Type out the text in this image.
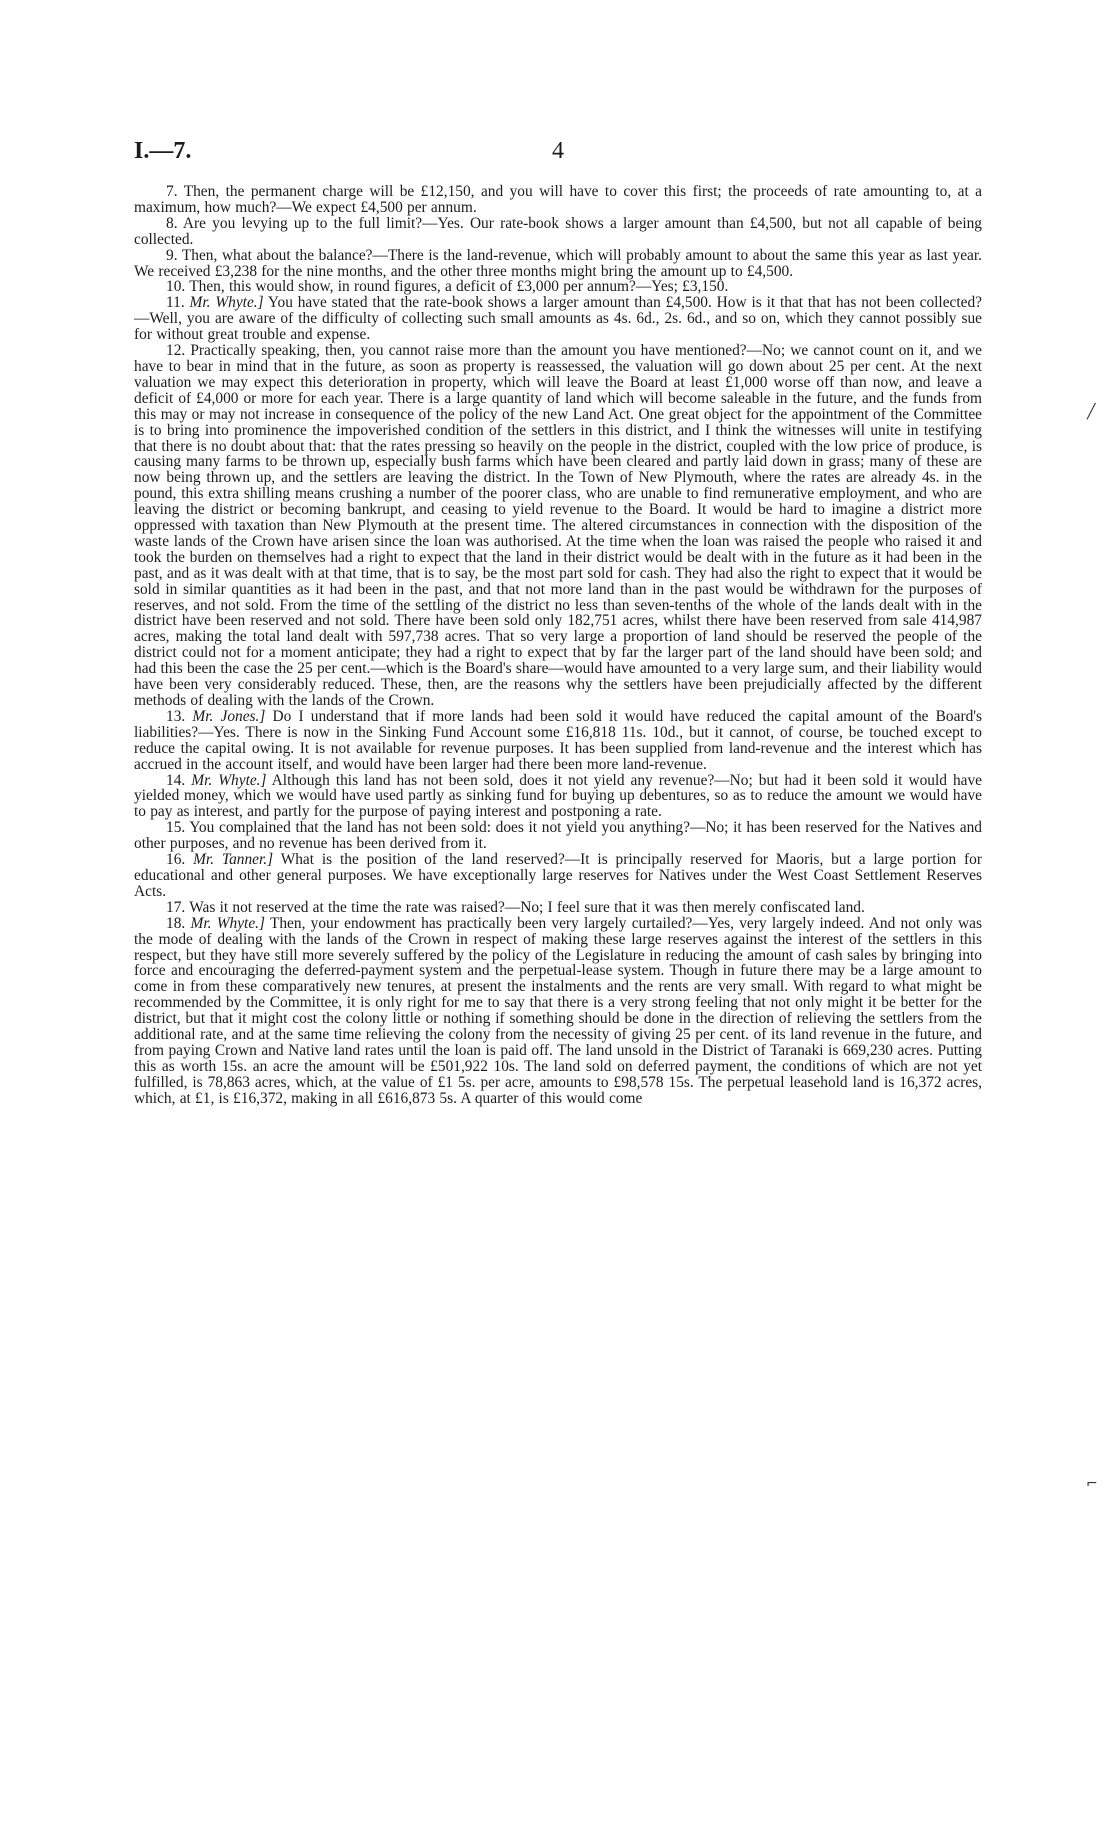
I.—7.	4

7. Then, the permanent charge will be £12,150, and you will have to cover this first; the proceeds of rate amounting to, at a maximum, how much?—We expect £4,500 per annum.

8. Are you levying up to the full limit?—Yes. Our rate-book shows a larger amount than £4,500, but not all capable of being collected.

9. Then, what about the balance?—There is the land-revenue, which will probably amount to about the same this year as last year. We received £3,238 for the nine months, and the other three months might bring the amount up to £4,500.

10. Then, this would show, in round figures, a deficit of £3,000 per annum?—Yes; £3,150.

11. Mr. Whyte.] You have stated that the rate-book shows a larger amount than £4,500. How is it that that has not been collected?—Well, you are aware of the difficulty of collecting such small amounts as 4s. 6d., 2s. 6d., and so on, which they cannot possibly sue for without great trouble and expense.

12. Practically speaking, then, you cannot raise more than the amount you have mentioned?—No; we cannot count on it, and we have to bear in mind that in the future, as soon as property is reassessed, the valuation will go down about 25 per cent. At the next valuation we may expect this deterioration in property, which will leave the Board at least £1,000 worse off than now, and leave a deficit of £4,000 or more for each year. There is a large quantity of land which will become saleable in the future, and the funds from this may or may not increase in consequence of the policy of the new Land Act. One great object for the appointment of the Committee is to bring into prominence the impoverished condition of the settlers in this district, and I think the witnesses will unite in testifying that there is no doubt about that: that the rates pressing so heavily on the people in the district, coupled with the low price of produce, is causing many farms to be thrown up, especially bush farms which have been cleared and partly laid down in grass; many of these are now being thrown up, and the settlers are leaving the district. In the Town of New Plymouth, where the rates are already 4s. in the pound, this extra shilling means crushing a number of the poorer class, who are unable to find remunerative employment, and who are leaving the district or becoming bankrupt, and ceasing to yield revenue to the Board. It would be hard to imagine a district more oppressed with taxation than New Plymouth at the present time. The altered circumstances in connection with the disposition of the waste lands of the Crown have arisen since the loan was authorised. At the time when the loan was raised the people who raised it and took the burden on themselves had a right to expect that the land in their district would be dealt with in the future as it had been in the past, and as it was dealt with at that time, that is to say, be the most part sold for cash. They had also the right to expect that it would be sold in similar quantities as it had been in the past, and that not more land than in the past would be withdrawn for the purposes of reserves, and not sold. From the time of the settling of the district no less than seven-tenths of the whole of the lands dealt with in the district have been reserved and not sold. There have been sold only 182,751 acres, whilst there have been reserved from sale 414,987 acres, making the total land dealt with 597,738 acres. That so very large a proportion of land should be reserved the people of the district could not for a moment anticipate; they had a right to expect that by far the larger part of the land should have been sold; and had this been the case the 25 per cent.—which is the Board's share—would have amounted to a very large sum, and their liability would have been very considerably reduced. These, then, are the reasons why the settlers have been prejudicially affected by the different methods of dealing with the lands of the Crown.

13. Mr. Jones.] Do I understand that if more lands had been sold it would have reduced the capital amount of the Board's liabilities?—Yes. There is now in the Sinking Fund Account some £16,818 11s. 10d., but it cannot, of course, be touched except to reduce the capital owing. It is not available for revenue purposes. It has been supplied from land-revenue and the interest which has accrued in the account itself, and would have been larger had there been more land-revenue.

14. Mr. Whyte.] Although this land has not been sold, does it not yield any revenue?—No; but had it been sold it would have yielded money, which we would have used partly as sinking fund for buying up debentures, so as to reduce the amount we would have to pay as interest, and partly for the purpose of paying interest and postponing a rate.

15. You complained that the land has not been sold: does it not yield you anything?—No; it has been reserved for the Natives and other purposes, and no revenue has been derived from it.

16. Mr. Tanner.] What is the position of the land reserved?—It is principally reserved for Maoris, but a large portion for educational and other general purposes. We have exceptionally large reserves for Natives under the West Coast Settlement Reserves Acts.

17. Was it not reserved at the time the rate was raised?—No; I feel sure that it was then merely confiscated land.

18. Mr. Whyte.] Then, your endowment has practically been very largely curtailed?—Yes, very largely indeed. And not only was the mode of dealing with the lands of the Crown in respect of making these large reserves against the interest of the settlers in this respect, but they have still more severely suffered by the policy of the Legislature in reducing the amount of cash sales by bringing into force and encouraging the deferred-payment system and the perpetual-lease system. Though in future there may be a large amount to come in from these comparatively new tenures, at present the instalments and the rents are very small. With regard to what might be recommended by the Committee, it is only right for me to say that there is a very strong feeling that not only might it be better for the district, but that it might cost the colony little or nothing if something should be done in the direction of relieving the settlers from the additional rate, and at the same time relieving the colony from the necessity of giving 25 per cent. of its land revenue in the future, and from paying Crown and Native land rates until the loan is paid off. The land unsold in the District of Taranaki is 669,230 acres. Putting this as worth 15s. an acre the amount will be £501,922 10s. The land sold on deferred payment, the conditions of which are not yet fulfilled, is 78,863 acres, which, at the value of £1 5s. per acre, amounts to £98,578 15s. The perpetual leasehold land is 16,372 acres, which, at £1, is £16,372, making in all £616,873 5s. A quarter of this would come

╱
⌐
